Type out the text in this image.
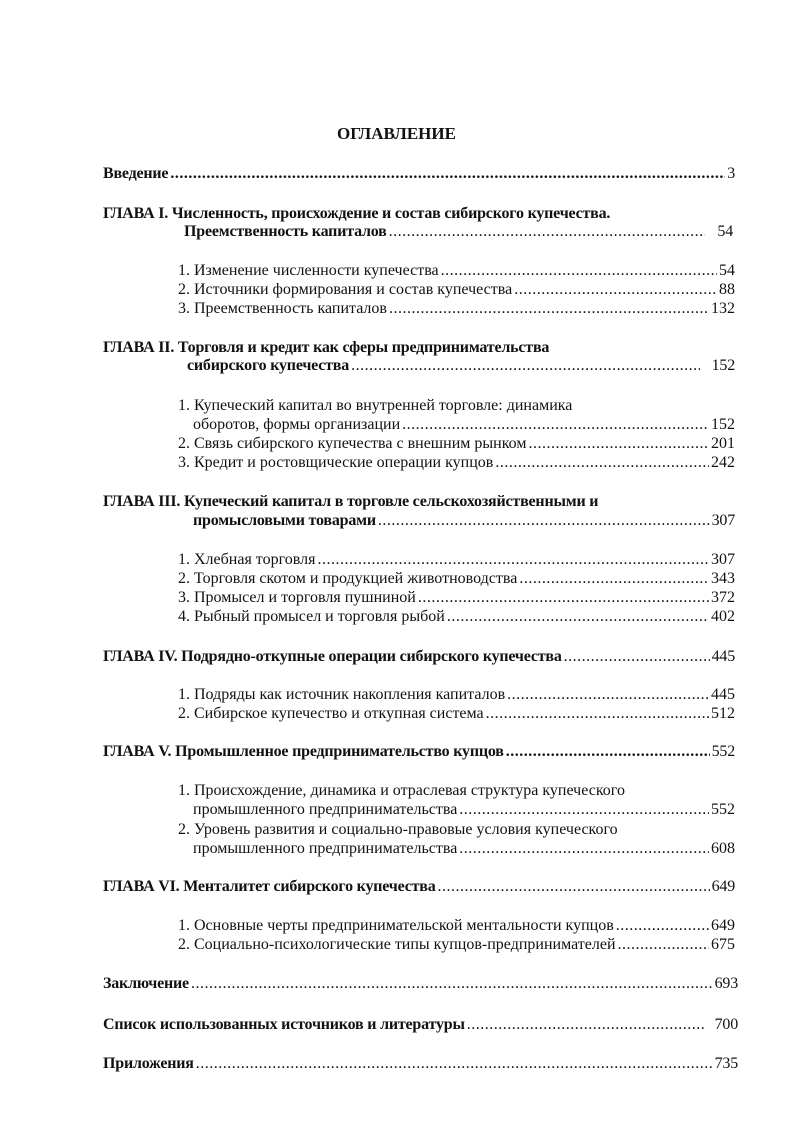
ОГЛАВЛЕНИЕ
Введение .....	3
ГЛАВА I. Численность, происхождение и состав сибирского купечества.
Преемственность капиталов .....	54
1. Изменение численности купечества .....	54
2. Источники формирования и состав купечества .....	88
3. Преемственность капиталов .....	132
ГЛАВА II. Торговля и кредит как сферы предпринимательства
сибирского купечества .....	152
1. Купеческий капитал во внутренней торговле: динамика
оборотов, формы организации .....	152
2. Связь сибирского купечества с внешним рынком .....	201
3. Кредит и ростовщические операции купцов .....	242
ГЛАВА III. Купеческий капитал в торговле сельскохозяйственными и
промысловыми товарами .....	307
1. Хлебная торговля .....	307
2. Торговля скотом и продукцией животноводства .....	343
3. Промысел и торговля пушниной .....	372
4. Рыбный промысел и торговля рыбой .....	402
ГЛАВА IV. Подрядно-откупные операции сибирского купечества .....	445
1. Подряды как источник накопления капиталов .....	445
2. Сибирское купечество и откупная система .....	512
ГЛАВА V. Промышленное предпринимательство купцов .....	552
1. Происхождение, динамика и отраслевая структура купеческого
промышленного предпринимательства .....	552
2. Уровень развития и социально-правовые условия купеческого
промышленного предпринимательства .....	608
ГЛАВА VI. Менталитет сибирского купечества .....	649
1. Основные черты предпринимательской ментальности купцов .....	649
2. Социально-психологические типы купцов-предпринимателей .....	675
Заключение .....	693
Список использованных источников и литературы .....	700
Приложения .....	735
